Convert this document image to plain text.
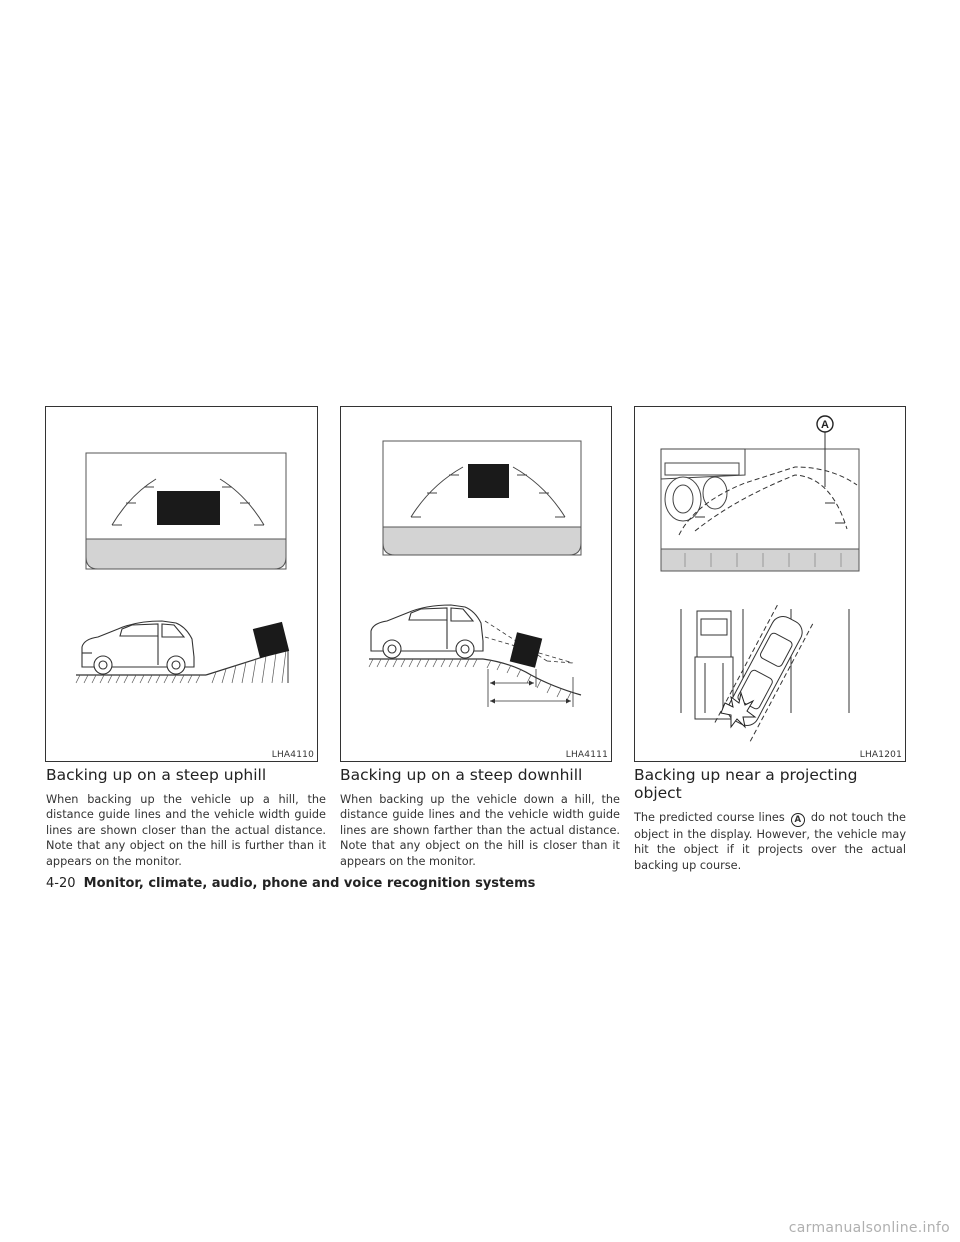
LHA4110	LHA4111
A
LHA1201
Backing up on a steep uphill

When backing up the vehicle up a hill, the distance guide lines and the vehicle width guide lines are shown closer than the actual distance. Note that any object on the hill is further than it appears on the monitor.

Backing up on a steep downhill

When backing up the vehicle down a hill, the distance guide lines and the vehicle width guide lines are shown farther than the actual distance. Note that any object on the hill is closer than it appears on the monitor.

Backing up near a projecting object

The predicted course lines A do not touch the object in the display. However, the vehicle may hit the object if it projects over the actual backing up course.

4-20 Monitor, climate, audio, phone and voice recognition systems
carmanualsonline.info
